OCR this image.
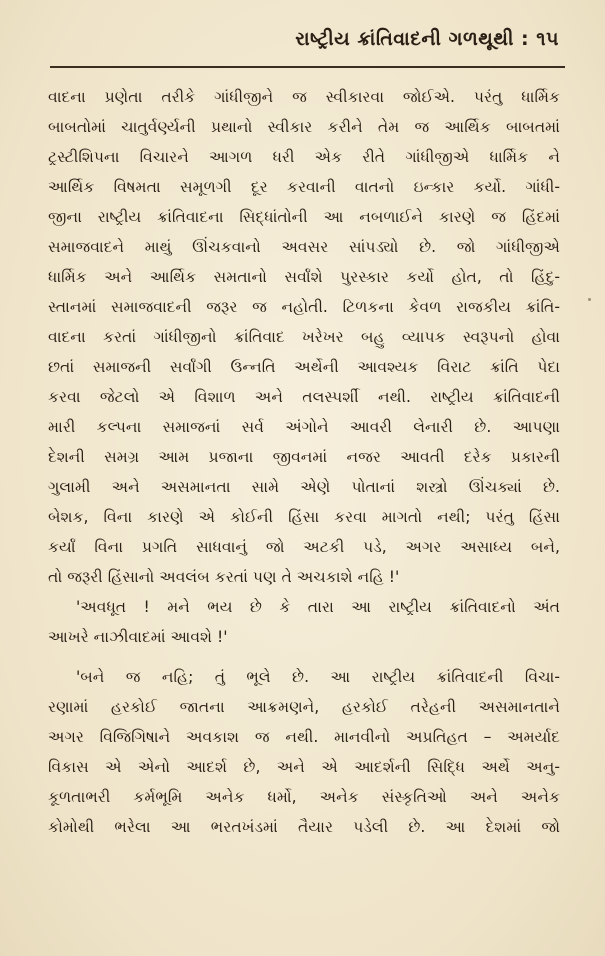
રાષ્ટ્રીય ક્રાંતિવાદની ગળથૂથી : ૧૫
વાદના પ્રણેતા તરીકે ગાંધીજીને જ સ્વીકારવા જોઈએ. પરંતુ ધાર્મિક
બાબતોમાં ચાતુર્વર્ણ્યની પ્રથાનો સ્વીકાર કરીને તેમ જ આર્થિક બાબતમાં
ટ્રસ્ટીશિપના વિચારને આગળ ધરી એક રીતે ગાંધીજીએ ધાર્મિક ને
આર્થિક વિષમતા સમૂળગી દૂર કરવાની વાતનો ઇન્કાર કર્યો. ગાંધી-
જીના રાષ્ટ્રીય ક્રાંતિવાદના સિદ્ધાંતોની આ નબળાઈને કારણે જ હિંદમાં
સમાજવાદને માથું ઊંચકવાનો અવસર સાંપડ્યો છે. જો ગાંધીજીએ
ધાર્મિક અને આર્થિક સમતાનો સર્વાંશે પુરસ્કાર કર્યો હોત, તો હિંદુ-
સ્તાનમાં સમાજવાદની જરૂર જ નહોતી. ટિળકના કેવળ રાજકીય ક્રાંતિ-
વાદના કરતાં ગાંધીજીનો ક્રાંતિવાદ ખરેખર બહુ વ્યાપક સ્વરૂપનો હોવા
છતાં સમાજની સર્વાંગી ઉન્નતિ અર્થેની આવશ્યક વિરાટ ક્રાંતિ પેદા
કરવા જેટલો એ વિશાળ અને તલસ્પર્શી નથી. રાષ્ટ્રીય ક્રાંતિવાદની
મારી કલ્પના સમાજનાં સર્વ અંગોને આવરી લેનારી છે. આપણા
દેશની સમગ્ર આમ પ્રજાના જીવનમાં નજર આવતી દરેક પ્રકારની
ગુલામી અને અસમાનતા સામે એણે પોતાનાં શસ્ત્રો ઊંચક્યાં છે.
બેશક, વિના કારણે એ કોઈની હિંસા કરવા માગતો નથી; પરંતુ હિંસા
કર્યાં વિના પ્રગતિ સાધવાનું જો અટકી પડે, અગર અસાધ્ય બને,
તો જરૂરી હિંસાનો અવલંબ કરતાં પણ તે અચકાશે નહિ !'
'અવધૂત ! મને ભય છે કે તારા આ રાષ્ટ્રીય ક્રાંતિવાદનો અંત
આખરે નાઝીવાદમાં આવશે !'
'બને જ નહિ; તું ભૂલે છે. આ રાષ્ટ્રીય ક્રાંતિવાદની વિચા-
રણામાં હરકોઈ જાતના આક્રમણને, હરકોઈ તરેહની અસમાનતાને
અગર વિજિગિષાને અવકાશ જ નથી. માનવીનો અપ્રતિહત – અમર્યાદ
વિકાસ એ એનો આદર્શ છે, અને એ આદર્શની સિદ્ધિ અર્થે અનુ-
કૂળતાભરી કર્મભૂમિ અનેક ધર્મો, અનેક સંસ્કૃતિઓ અને અનેક
કોમોથી ભરેલા આ ભરતખંડમાં તૈયાર પડેલી છે. આ દેશમાં જો
